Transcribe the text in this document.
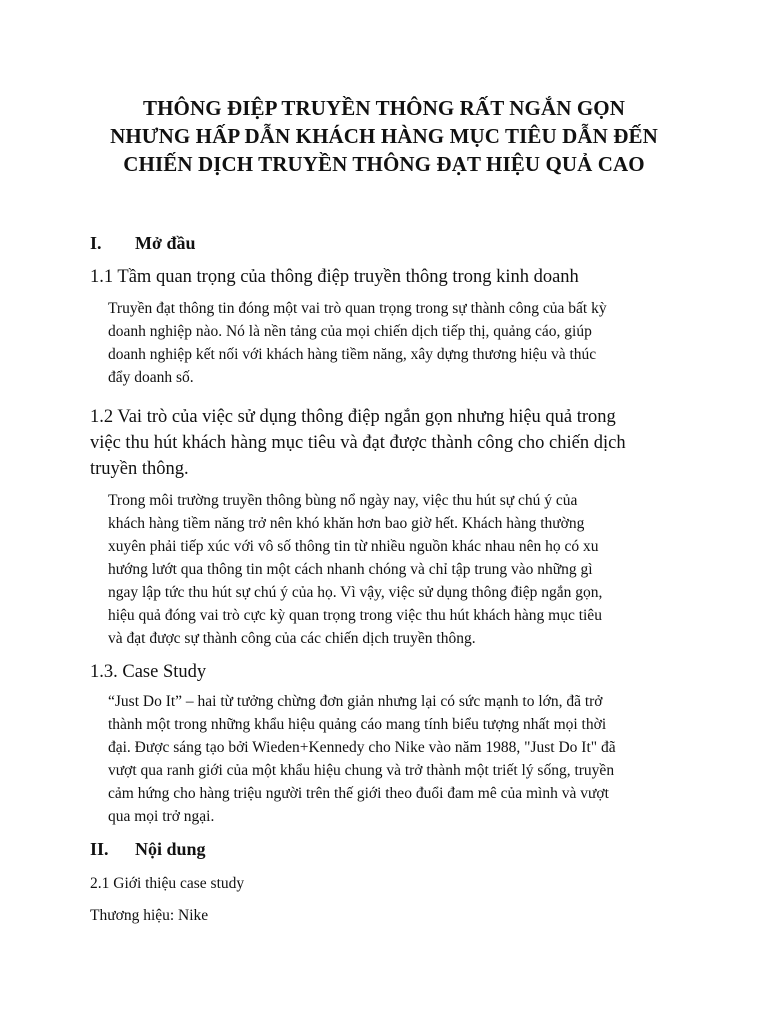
THÔNG ĐIỆP TRUYỀN THÔNG RẤT NGẮN GỌN
NHƯNG HẤP DẪN KHÁCH HÀNG MỤC TIÊU DẪN ĐẾN
CHIẾN DỊCH TRUYỀN THÔNG ĐẠT HIỆU QUẢ CAO
I. Mở đầu
1.1 Tầm quan trọng của thông điệp truyền thông trong kinh doanh
Truyền đạt thông tin đóng một vai trò quan trọng trong sự thành công của bất kỳ
doanh nghiệp nào. Nó là nền tảng của mọi chiến dịch tiếp thị, quảng cáo, giúp
doanh nghiệp kết nối với khách hàng tiềm năng, xây dựng thương hiệu và thúc
đẩy doanh số.
1.2 Vai trò của việc sử dụng thông điệp ngắn gọn nhưng hiệu quả trong
việc thu hút khách hàng mục tiêu và đạt được thành công cho chiến dịch
truyền thông.
Trong môi trường truyền thông bùng nổ ngày nay, việc thu hút sự chú ý của
khách hàng tiềm năng trở nên khó khăn hơn bao giờ hết. Khách hàng thường
xuyên phải tiếp xúc với vô số thông tin từ nhiều nguồn khác nhau nên họ có xu
hướng lướt qua thông tin một cách nhanh chóng và chỉ tập trung vào những gì
ngay lập tức thu hút sự chú ý của họ. Vì vậy, việc sử dụng thông điệp ngắn gọn,
hiệu quả đóng vai trò cực kỳ quan trọng trong việc thu hút khách hàng mục tiêu
và đạt được sự thành công của các chiến dịch truyền thông.
1.3. Case Study
“Just Do It” – hai từ tưởng chừng đơn giản nhưng lại có sức mạnh to lớn, đã trở
thành một trong những khẩu hiệu quảng cáo mang tính biểu tượng nhất mọi thời
đại. Được sáng tạo bởi Wieden+Kennedy cho Nike vào năm 1988, "Just Do It" đã
vượt qua ranh giới của một khẩu hiệu chung và trở thành một triết lý sống, truyền
cảm hứng cho hàng triệu người trên thế giới theo đuổi đam mê của mình và vượt
qua mọi trở ngại.
II. Nội dung
2.1 Giới thiệu case study
Thương hiệu: Nike
